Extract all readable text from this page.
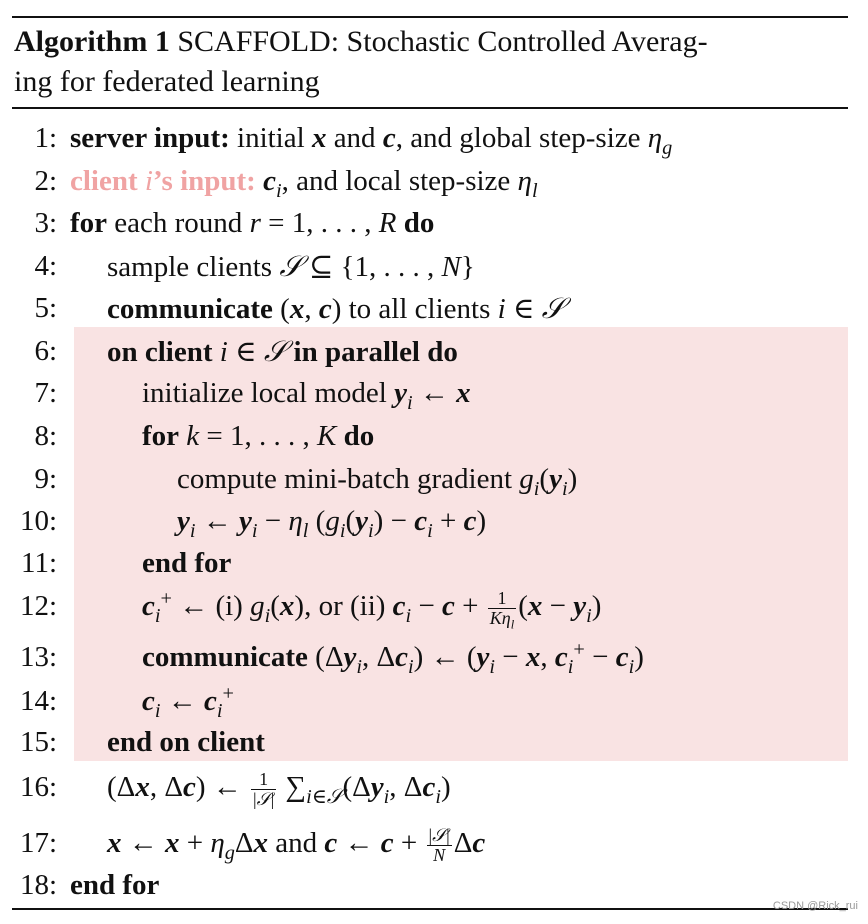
Algorithm 1 SCAFFOLD: Stochastic Controlled Averag-
ing for federated learning
1: server input: initial x and c, and global step-size $\eta_g$
2: client i’s input: $c_i$, and local step-size $\eta_l$
3: for each round r = 1, . . . , R do
4: sample clients 𝒮 ⊆ {1, . . . , N}
5: communicate (x, c) to all clients i ∈ 𝒮
6: on client i ∈ 𝒮 in parallel do
7:	initialize local model $y_i$ ← x
8:	for k = 1, . . . , K do
9:	compute mini-batch gradient $g_i(y_i)$
10:	$y_i$ ← $y_i - \eta_l$ $(g_i(y_i) - c_i + c)$
11:	end for
12:	$c_i^+$ ← (i) $g_i(x)$, or (ii) $c_i - c + \frac{1}{K\eta_l} (x - y_i)$
13:	communicate ($\Delta y_i$, $\Delta c_i$) ← ($y_i - x$, $c_i^+ - c_i$)
14:	$c_i$ ← $c_i^+$
15: end on client
16: (Δx, Δc) ← $\frac{1}{\text{|𝒮|}} \sum_{i\in 𝒮}(\Delta y_i$, $\Delta c_i$)
17: x ← $x + \eta_g\Delta x$ and c ← $c + \frac{\text{|𝒮|}}{N}$ Δc
18: end for
CSDN @Rick_rui
